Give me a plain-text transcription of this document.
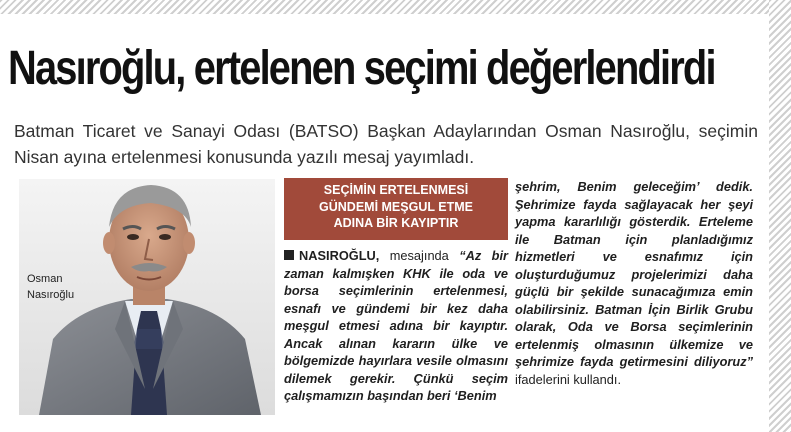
Nasıroğlu, ertelenen seçimi değerlendirdi

Batman Ticaret ve Sanayi Odası (BATSO) Başkan Adaylarından Osman Nasıroğlu, seçimin Nisan ayına ertelenmesi konusunda yazılı mesaj yayımladı.

Osman
Nasıroğlu
SEÇİMİN ERTELENMESİ
GÜNDEMİ MEŞGUL ETME
ADINA BİR KAYIPTIR
NASIROĞLU, mesajında “Az bir zaman kalmışken KHK ile oda ve borsa seçimlerinin ertelenmesi, esnafı ve gündemi bir kez daha meşgul etmesi adına bir kayıptır. Ancak alınan kararın ülke ve bölgemizde hayırlara vesile olmasını dilemek gerekir. Çünkü seçim çalışmamızın başından beri ‘Benim
şehrim, Benim geleceğim’ dedik. Şehrimize fayda sağlayacak her şeyi yapma kararlılığı gösterdik. Erteleme ile Batman için planladığımız hizmetleri ve esnafımız için oluşturduğumuz projelerimizi daha güçlü bir şekilde sunacağımıza emin olabilirsiniz. Batman İçin Birlik Grubu olarak, Oda ve Borsa seçimlerinin ertelenmiş olmasının ülkemize ve şehrimize fayda getirmesini diliyoruz” ifadelerini kullandı.
